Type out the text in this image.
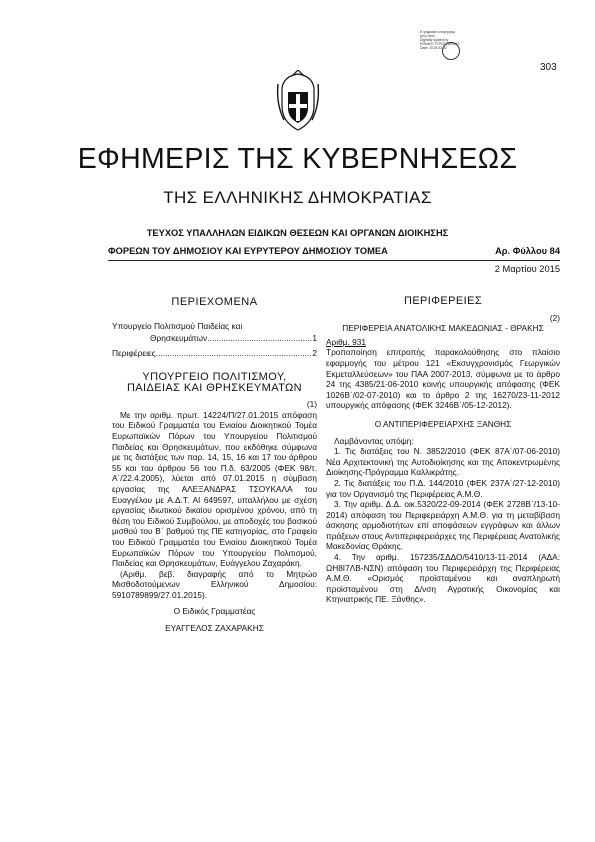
Ε ψηφιακά υπογεγραμ
μένο από
Digitally signed by
ΕΘΝΙΚΟ ΤΥΠΟΓΡΑΦΕΙΟ
Date: 2015.03.02
303
ΕΦΗΜΕΡΙΣ ΤΗΣ ΚΥΒΕΡΝΗΣΕΩΣ
ΤΗΣ ΕΛΛΗΝΙΚΗΣ ΔΗΜΟΚΡΑΤΙΑΣ
ΤΕΥΧΟΣ ΥΠΑΛΛΗΛΩΝ ΕΙΔΙΚΩΝ ΘΕΣΕΩΝ ΚΑΙ ΟΡΓΑΝΩΝ ΔΙΟΙΚΗΣΗΣ
ΦΟΡΕΩΝ ΤΟΥ ΔΗΜΟΣΙΟΥ ΚΑΙ ΕΥΡΥΤΕΡΟΥ ΔΗΜΟΣΙΟΥ ΤΟΜΕΑ	Αρ. Φύλλου 84
2 Μαρτίου 2015
ΠΕΡΙΕΧΟΜΕΝΑ
Υπουργείο Πολιτισμού Παιδείας και
Θρησκευμάτων .....	1
Περιφέρειες .....	2
ΥΠΟΥΡΓΕΙΟ ΠΟΛΙΤΙΣΜΟΥ,
ΠΑΙΔΕΙΑΣ ΚΑΙ ΘΡΗΣΚΕΥΜΑΤΩΝ
(1)

Με την αριθμ. πρωτ. 14224/Π/27.01.2015 απόφαση του Ειδικού Γραμματέα του Ενιαίου Διοικητικού Τομέα Ευρωπαϊκών Πόρων του Υπουργείου Πολιτισμού Παιδείας και Θρησκευμάτων, που εκδόθηκε σύμφωνα με τις διατάξεις των παρ. 14, 15, 16 και 17 του άρθρου 55 και του άρθρου 56 του Π.δ. 63/2005 (ΦΕΚ 98/τ. Α΄/22.4.2005), λύεται από 07.01.2015 η σύμβαση εργασίας της ΑΛΕΞΑΝΔΡΑΣ ΤΣΟΥΚΑΛΑ του Ευαγγέλου με Α.Δ.Τ. ΑΙ 649597, υπαλλήλου με σχέση εργασίας ιδιωτικού δικαίου ορισμένου χρόνου, από τη θέση του Ειδικού Συμβούλου, με αποδοχές του βασικού μισθού του Β΄ βαθμού της ΠΕ κατηγορίας, στο Γραφείο του Ειδικού Γραμματέα του Ενιαίου Διοικητικού Τομέα Ευρωπαϊκών Πόρων του Υπουργείου Πολιτισμού, Παιδείας και Θρησκευμάτων, Ευάγγελου Ζαχαράκη.

(Αριθμ. βεβ. διαγραφής από το Μητρώο Μισθοδοτούμενων Ελληνικού Δημοσίου: 5910789899/27.01.2015).

Ο Ειδικός Γραμματέας
ΕΥΑΓΓΕΛΟΣ ΖΑΧΑΡΑΚΗΣ
ΠΕΡΙΦΕΡΕΙΕΣ
(2)
ΠΕΡΙΦΕΡΕΙΑ ΑΝΑΤΟΛΙΚΗΣ ΜΑΚΕΔΟΝΙΑΣ - ΘΡΑΚΗΣ
Αριθμ. 931

Τροποποίηση επιτροπής παρακολούθησης στο πλαίσιο εφαρμογής του μέτρου 121 «Εκσυγχρονισμός Γεωργικών Εκμεταλλεύσεων» του ΠΑΑ 2007-2013, σύμφωνα με το άρθρο 24 της 4385/21-06-2010 κοινής υπουργικής απόφασης (ΦΕΚ 1026Β΄/02-07-2010) και το άρθρο 2 της 16270/23-11-2012 υπουργικής απόφασης (ΦΕΚ 3246Β΄/05-12-2012).

Ο ΑΝΤΙΠΕΡΙΦΕΡΕΙΑΡΧΗΣ ΞΑΝΘΗΣ
Λαμβάνοντας υπόψη:

1. Τις διατάξεις του Ν. 3852/2010 (ΦΕΚ 87Α΄/07-06-2010) Νέα Αρχιτεκτονική της Αυτοδιοίκησης και της Αποκεντρωμένης Διοίκησης-Πρόγραμμα Καλλικράτης.

2. Τις διατάξεις του Π.Δ. 144/2010 (ΦΕΚ 237Α΄/27-12-2010) για τον Οργανισμό της Περιφέρειας Α.Μ.Θ.

3. Την αριθμ. Δ.Δ. οικ.5320/22-09-2014 (ΦΕΚ 2728Β΄/13-10-2014) απόφαση του Περιφερειάρχη Α.Μ.Θ. για τη μεταβίβαση άσκησης αρμοδιοτήτων επί αποφάσεων εγγράφων και άλλων πράξεων στους Αντιπεριφερειάρχες της Περιφέρειας Ανατολικής Μακεδονίας Θράκης.

4. Την αριθμ. 157235/ΣΔΔΟ/5410/13-11-2014 (ΑΔΑ: ΩΗ8Ι7ΛΒ-ΝΣΝ) απόφαση του Περιφερειάρχη της Περιφέρειας Α.Μ.Θ. «Ορισμός προϊσταμένου και αναπληρωτή προϊσταμένου στη Δ/νση Αγροτικής Οικονομίας και Κτηνιατρικής ΠΕ. Ξάνθης».
